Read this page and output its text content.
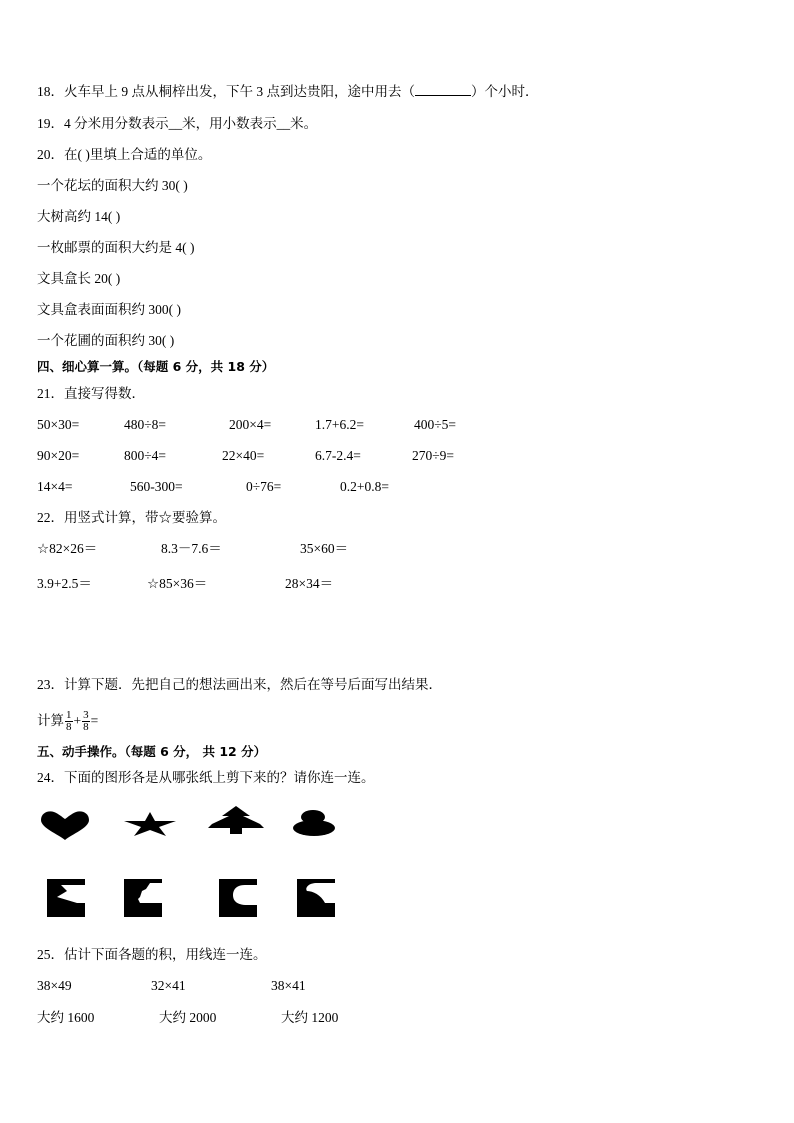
18．火车早上 9 点从桐梓出发，下午 3 点到达贵阳，途中用去（	）个小时．
19．4 分米用分数表示__米，用小数表示__米。
20．在( )里填上合适的单位。
一个花坛的面积大约 30( )
大树高约 14( )
一枚邮票的面积大约是 4( )
文具盒长 20( )
文具盒表面面积约 300( )
一个花圃的面积约 30( )
四、细心算一算。（每题 6 分，共 18 分）
21．直接写得数．
50×30=	480÷8=	200×4=	1.7+6.2=	400÷5=
90×20=	800÷4=	22×40=	6.7-2.4=	270÷9=
14×4=	560-300=	0÷76=	0.2+0.8=
22．用竖式计算，带☆要验算。
☆82×26＝	8.3－7.6＝	35×60＝
3.9+2.5＝	☆85×36＝	28×34＝
23．计算下题．先把自己的想法画出来，然后在等号后面写出结果．
计算 $\frac{1}{8} + \frac{3}{8}$ =
五、动手操作。（每题 6 分， 共 12 分）
24．下面的图形各是从哪张纸上剪下来的？请你连一连。
25．估计下面各题的积，用线连一连。
38×49	32×41	38×41
大约 1600	大约 2000	大约 1200
